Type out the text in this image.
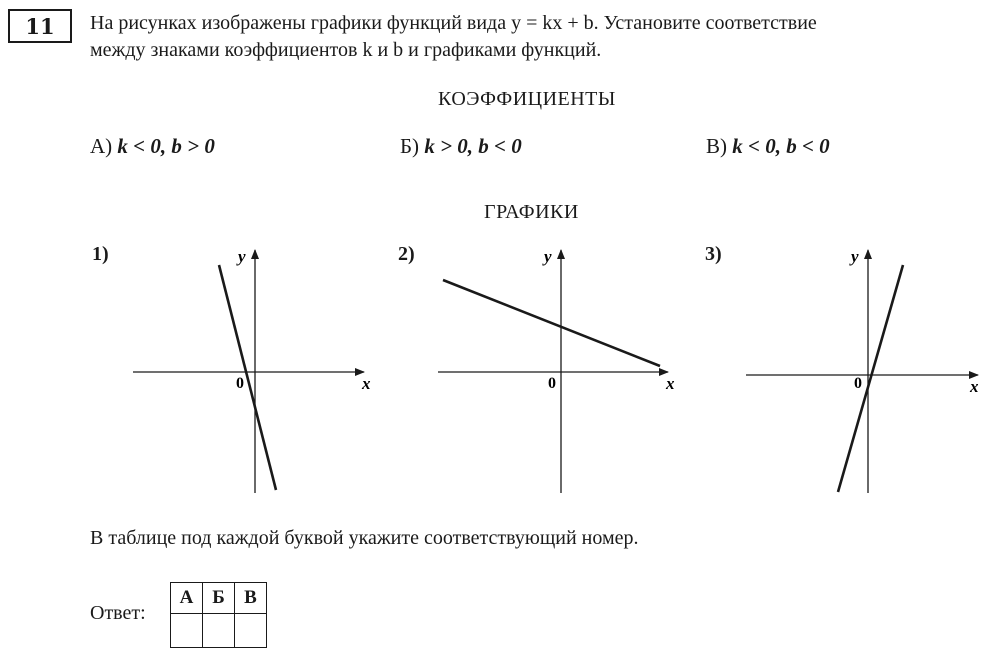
11 На рисунках изображены графики функций вида y = kx + b. Установите соответствие
между знаками коэффициентов k и b и графиками функций.
КОЭФФИЦИЕНТЫ
А) k < 0, b > 0	Б) k > 0, b < 0	В) k < 0, b < 0
ГРАФИКИ
1)	2)	3)
y
x
0
y
x
0
y
x
0
В таблице под каждой буквой укажите соответствующий номер.
Ответ:
А	Б	В
